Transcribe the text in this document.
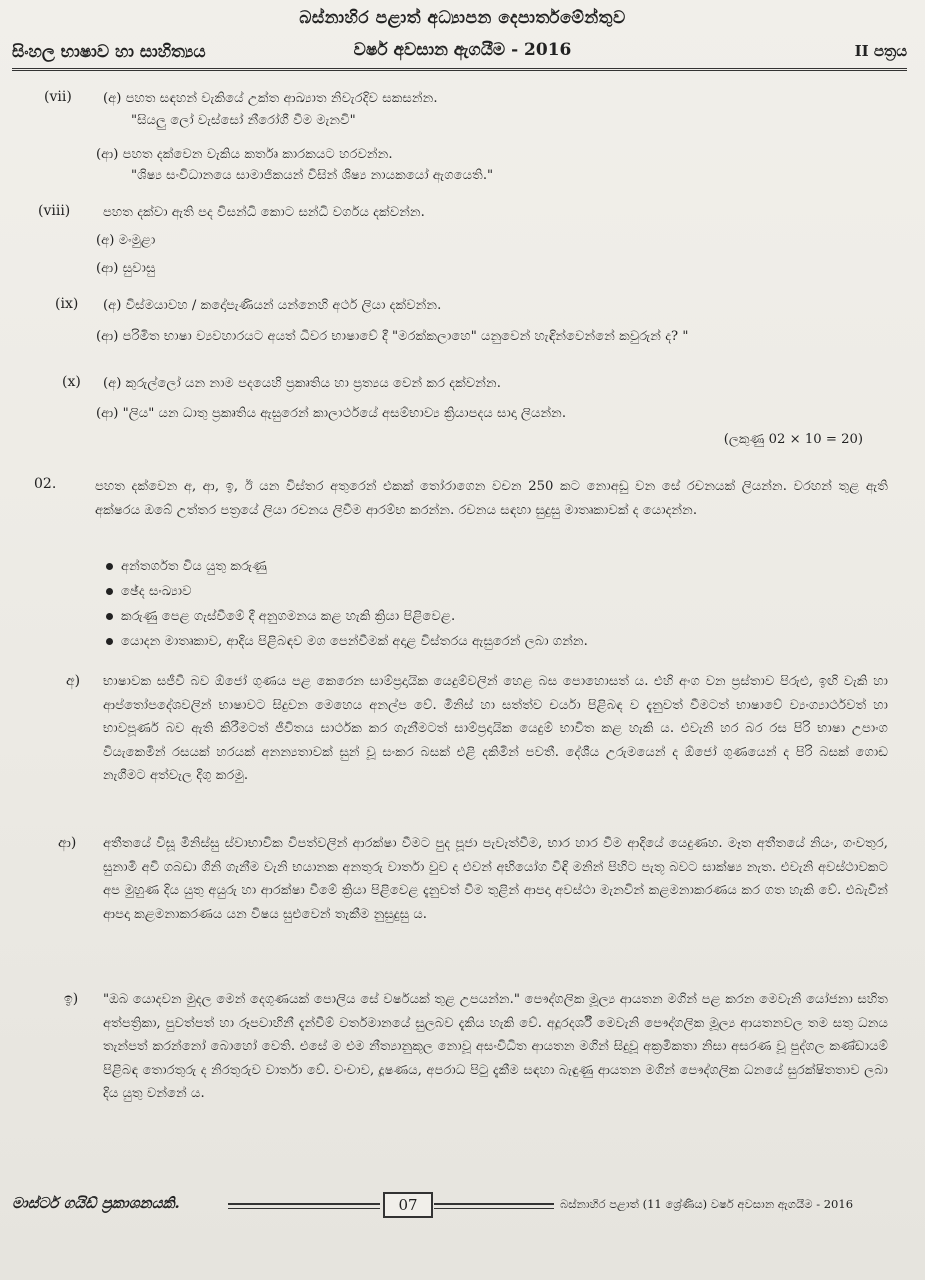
බස්නාහිර පළාත් අධ්‍යාපන දෙපාර්තමේන්තුව
සිංහල භාෂාව හා සාහිත්‍යය	වර්ෂ අවසාන ඇගයීම - 2016	II පත්‍රය
(vii) (අ) පහත සඳහන් වැකියේ උක්ත ආඛ්‍යාත නිවැරදිව සකසන්න.
"සියලු ලෝ වැස්සෝ නීරෝගී වීම මැනවි"
(ආ) පහත දක්වෙන වැකිය කර්තෘ කාරකයට හරවන්න.
"ශිෂ්‍ය සංවිධානයෙ සාමාජිකයන් විසින් ශිෂ්‍ය නායකයෝ ඇගයෙති."
(viii) පහත දක්වා ඇති පද විසන්ධි කොට සන්ධි වර්ගය දක්වන්න.
(අ) මංමුළා
(ආ) සුවාසු
(ix) (අ) විස්මයාවහ / කදෝපැණියන් යන්නෙහි අර්ථ ලියා දක්වන්න.
(ආ) පරිමිත භාෂා ව්‍යවහාරයට අයත් ධීවර භාෂාවේ දී "මරක්කලාහෙ" යනුවෙන් හැඳින්වෙන්නේ කවුරුන් ද? "
(x) (අ) කුරුල්ලෝ යන නාම පදයෙහි ප්‍රකෘතිය හා ප්‍රත්‍යය වෙන් කර දක්වන්න.
(ආ) "ලිය" යන ධාතු ප්‍රකෘතිය ඇසුරෙන් කාලාර්ථයේ අසම්භාව්‍ය ක්‍රියාපදය සාදා ලියන්න.
(ලකුණු 02 × 10 = 20)
02.	පහත දක්වෙන අ, ආ, ඉ, ඊ යන විස්තර අතුරෙන් එකක් තෝරාගෙන වචන 250 කට නොඅඩු වන සේ රචනයක් ලියන්න. වරහන් තුළ ඇති අක්ෂරය ඔබේ උත්තර පත්‍රයේ ලියා රචනය ලිවීම ආරම්භ කරන්න. රචනය සඳහා සුදුසු මාතෘකාවක් ද යොදන්න.
අන්තර්ගත විය යුතු කරුණු
ඡේද සංඛ්‍යාව
කරුණු පෙළ ගැස්වීමේ දී අනුගමනය කළ හැකි ක්‍රියා පිළිවෙළ.
යොදන මාතෘකාව, ආදිය පිළිබඳව මග පෙන්වීමක් අදාළ විස්තරය ඇසුරෙන් ලබා ගන්න.
අ) භාෂාවක සජීවී බව ඕජෝ ගුණය පළ කෙරෙන සාම්ප්‍රදායික යෙදුම්වලින් හෙළ බස පොහොසත් ය. එහි අංග වන ප්‍රස්තාව පිරුළු, ඉඟි වැකි හා ආප්තෝපදේශවලින් භාෂාවට සිදුවන මෙහෙය අනල්ප වේ. මිනිස් හා සත්ත්ව චර්යා පිළිබඳ ව දැනුවත් වීමටත් භාෂාවේ ව්‍යංග්‍යාර්ථවත් හා භාවපූර්ණ බව ඇති කිරීමටත් ජීවිතය සාර්ථක කර ගැනීමටත් සාම්ප්‍රදායික යෙදුම් භාවිත කළ හැකි ය. එවැනි හර බර රස පිරි භාෂා උපාංග වියැකෙමින් රසයක් හරයක් අනන්‍යතාවක් සුන් වූ සංකර බසක් එළි දකිමින් පවතී. දේශීය උරුමයෙන් ද ඕජෝ ගුණයෙන් ද පිරි බසක් ගොඩ නැගීමට අත්වැල දිගු කරමු.
ආ) අතීතයේ විසූ මිනිස්සු ස්වාභාවික විපත්වලින් ආරක්ෂා වීමට පුද පූජා පැවැත්වීම, භාර හාර වීම ආදියේ යෙදුණහ. මෑත අතීතයේ නියං, ගංවතුර, සුනාමි අවි ගබඩා ගිනි ගැනීම වැනි භයානක අනතුරු වාර්තා වුව ද එවන් අභියෝග විඳි මනින් පිහිට පැතූ බවට සාක්ෂ්‍ය නැත. එවැනි අවස්ථාවකට අප මුහුණ දිය යුතු අයුරු හා ආරක්ෂා වීමේ ක්‍රියා පිළිවෙළ දැනුවත් වීම තුළින් ආපදා අවස්ථා මැනවින් කළමනාකරණය කර ගත හැකි වේ. එබැවින් ආපදා කළමනාකරණය යන විෂය සුළුවෙන් තැකීම නුසුදුසු ය.
ඉ) "ඔබ යොදවන මුදල මෙන් දෙගුණයක් පොලිය සේ වර්ෂයක් තුළ උපයන්න." පෞද්ගලික මූල්‍ය ආයතන මගින් පළ කරන මෙවැනි යෝජනා සහිත අත්පත්‍රිකා, පුවත්පත් හා රූපවාහිනී දැන්වීම් වර්තමානයේ සුලබව දැකිය හැකි වේ. අදූරදර්ශී මෙවැනි පෞද්ගලික මූල්‍ය ආයතනවල තම සතු ධනය තැන්පත් කරන්නෝ බොහෝ වෙති. එසේ ම එම නීත්‍යානුකූල නොවූ අසංවිධිත ආයතන මගින් සිදුවූ අක්‍රමිකතා නිසා අසරණ වූ පුද්ගල කණ්ඩායම් පිළිබඳ තොරතුරු ද නිරතුරුව වාර්තා වේ. වංචාව, දූෂණය, අපරාධ පිටු දැකීම සඳහා බැඳුණු ආයතන මගින් පෞද්ගලික ධනයේ සුරක්ෂිතතාව ලබා දිය යුතු වන්නේ ය.
මාස්ටර් ගයිඩ් ප්‍රකාශනයකි.	07	බස්නාහිර පළාත් (11 ශ්‍රේණිය) වර්ෂ අවසාන ඇගයීම - 2016
